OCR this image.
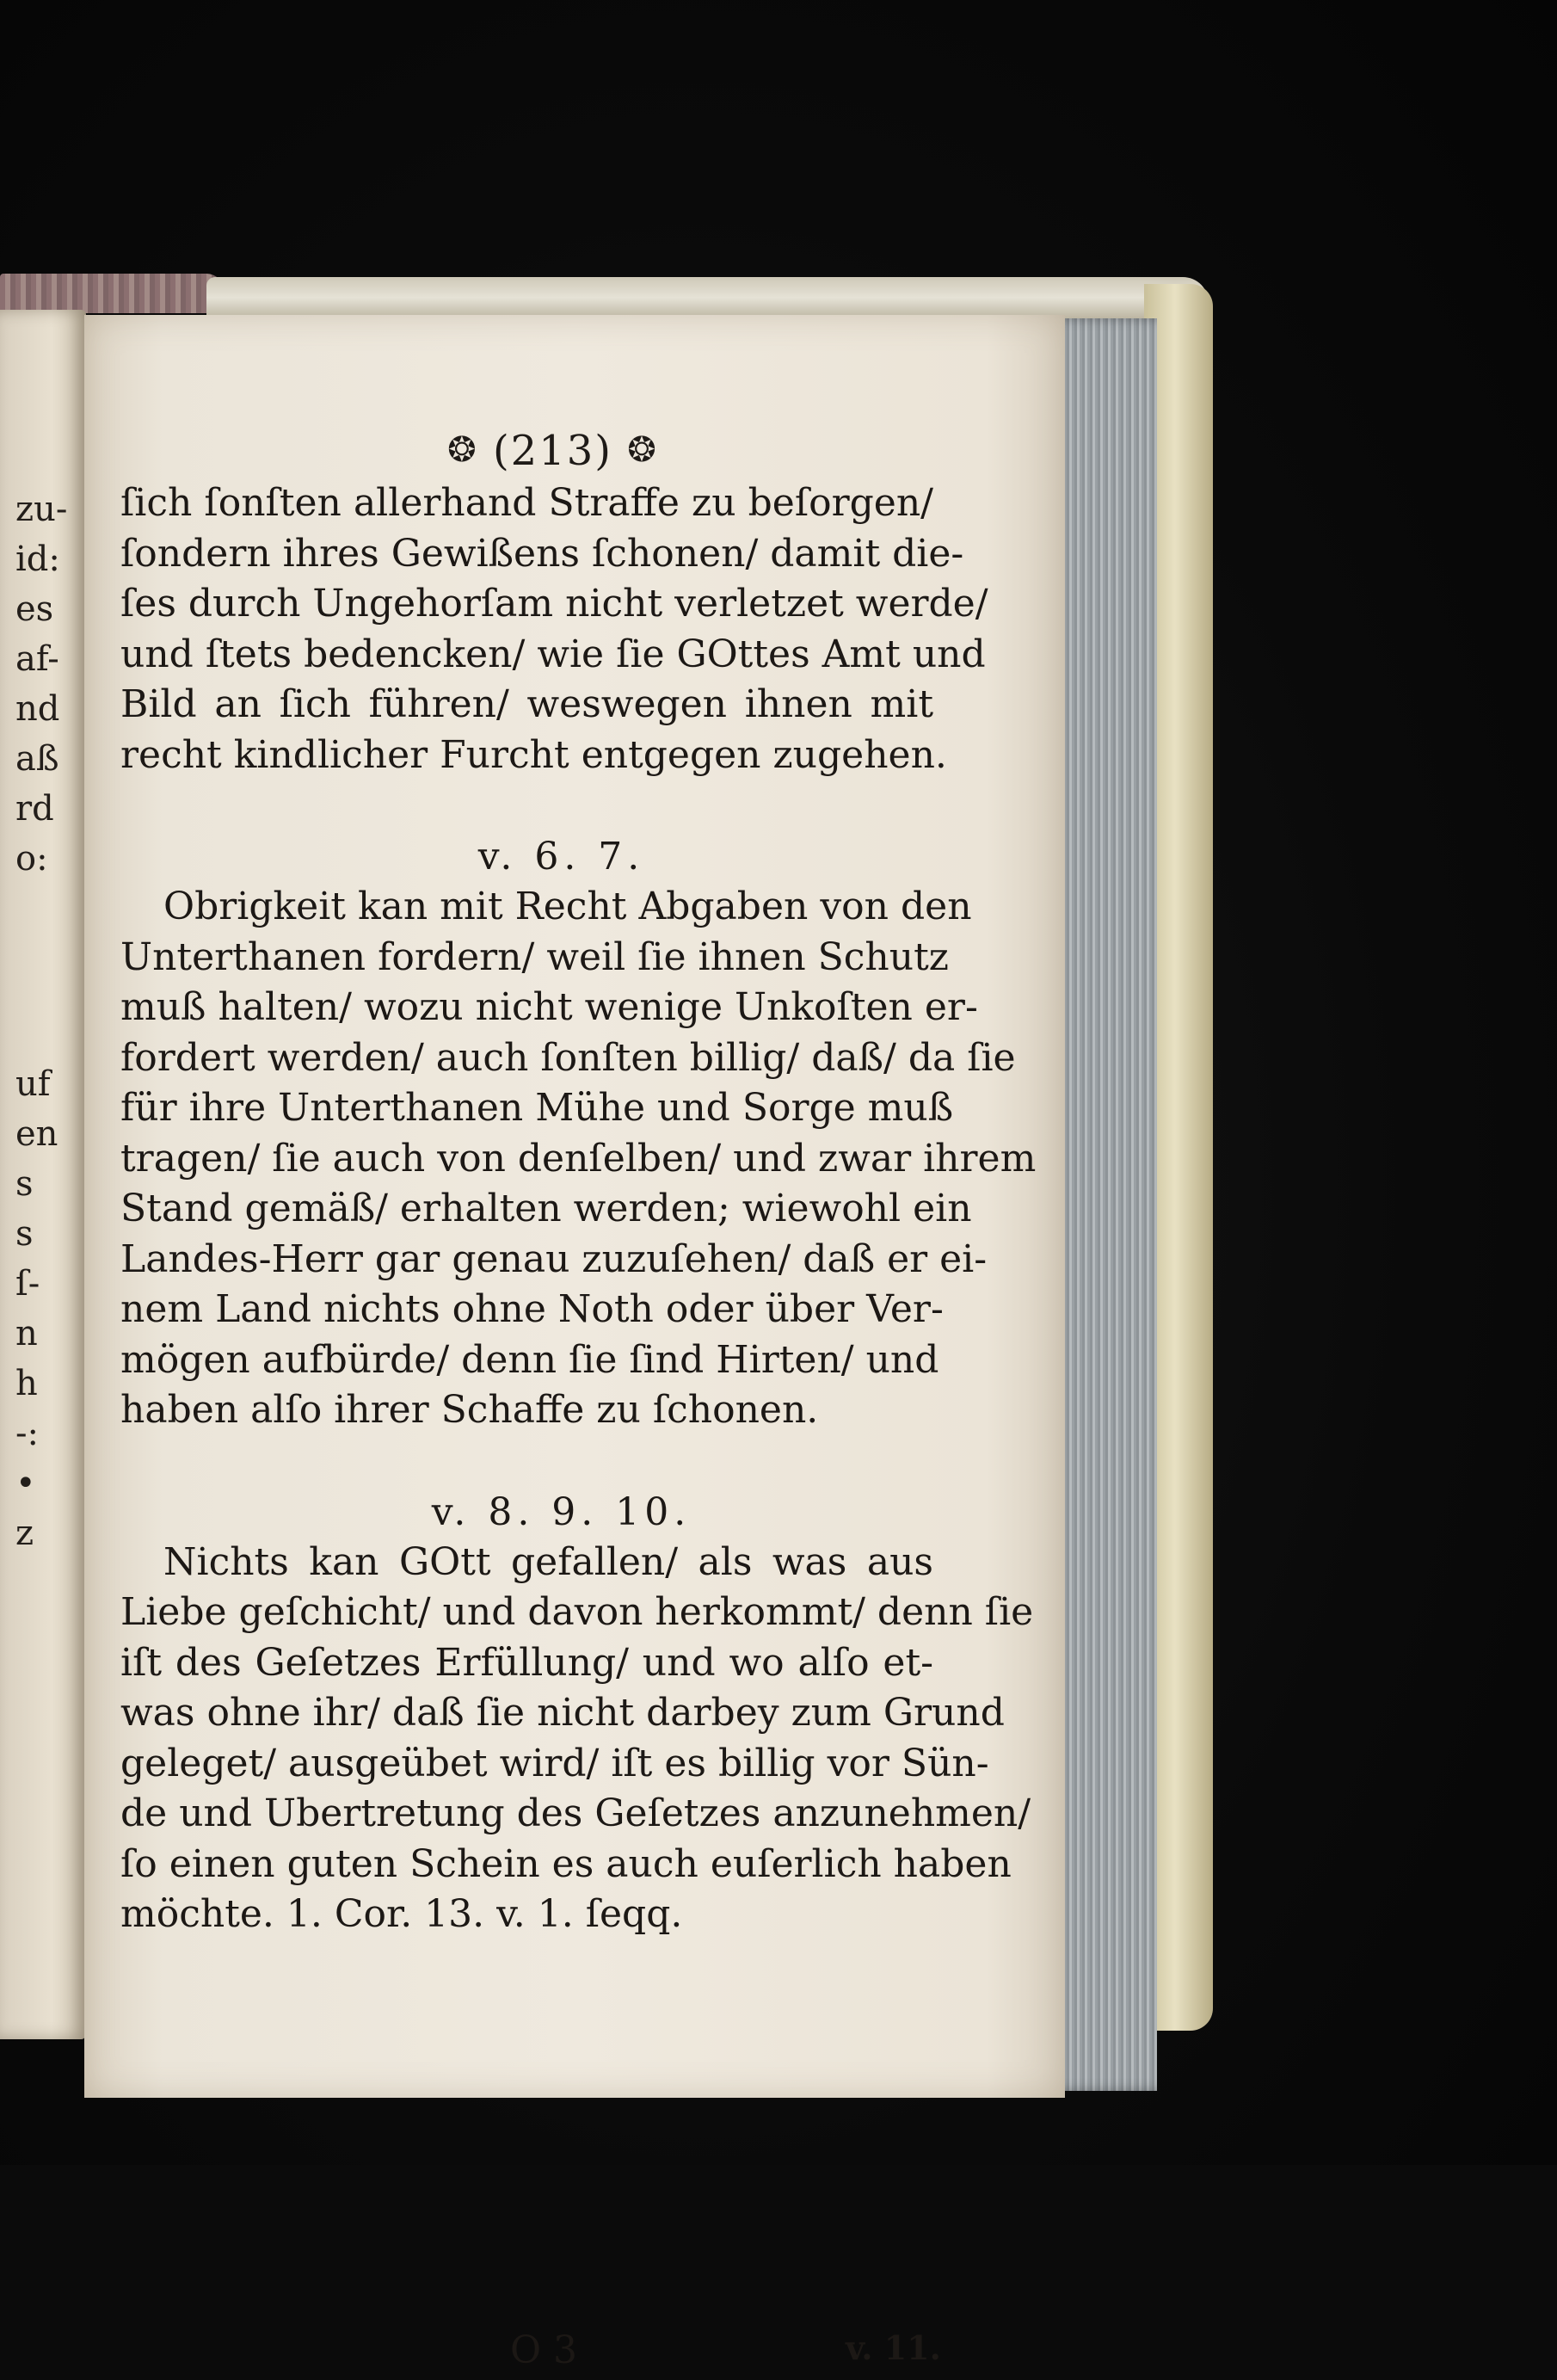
zu-
id:
es
af-
nd
aß
rd
o:
uf
en
s
s
ſ-
n
h
-:
•
z
❂ (213) ❂
ſich ſonſten allerhand Straffe zu beſorgen/
ſondern ihres Gewißens ſchonen/ damit die-
ſes durch Ungehorſam nicht verletzet werde/
und ſtets bedencken/ wie ſie GOttes Amt und
Bild an ſich führen/ weswegen ihnen mit
recht kindlicher Furcht entgegen zugehen.
v. 6. 7.
Obrigkeit kan mit Recht Abgaben von den
Unterthanen fordern/ weil ſie ihnen Schutz
muß halten/ wozu nicht wenige Unkoſten er-
fordert werden/ auch ſonſten billig/ daß/ da ſie
für ihre Unterthanen Mühe und Sorge muß
tragen/ ſie auch von denſelben/ und zwar ihrem
Stand gemäß/ erhalten werden; wiewohl ein
Landes-Herr gar genau zuzuſehen/ daß er ei-
nem Land nichts ohne Noth oder über Ver-
mögen aufbürde/ denn ſie ſind Hirten/ und
haben alſo ihrer Schaffe zu ſchonen.
v. 8. 9. 10.
Nichts kan GOtt gefallen/ als was aus
Liebe geſchicht/ und davon herkommt/ denn ſie
iſt des Geſetzes Erfüllung/ und wo alſo et-
was ohne ihr/ daß ſie nicht darbey zum Grund
geleget/ ausgeübet wird/ iſt es billig vor Sün-
de und Ubertretung des Geſetzes anzunehmen/
ſo einen guten Schein es auch euſerlich haben
möchte. 1. Cor. 13. v. 1. ſeqq.
O 3	v. 11.
